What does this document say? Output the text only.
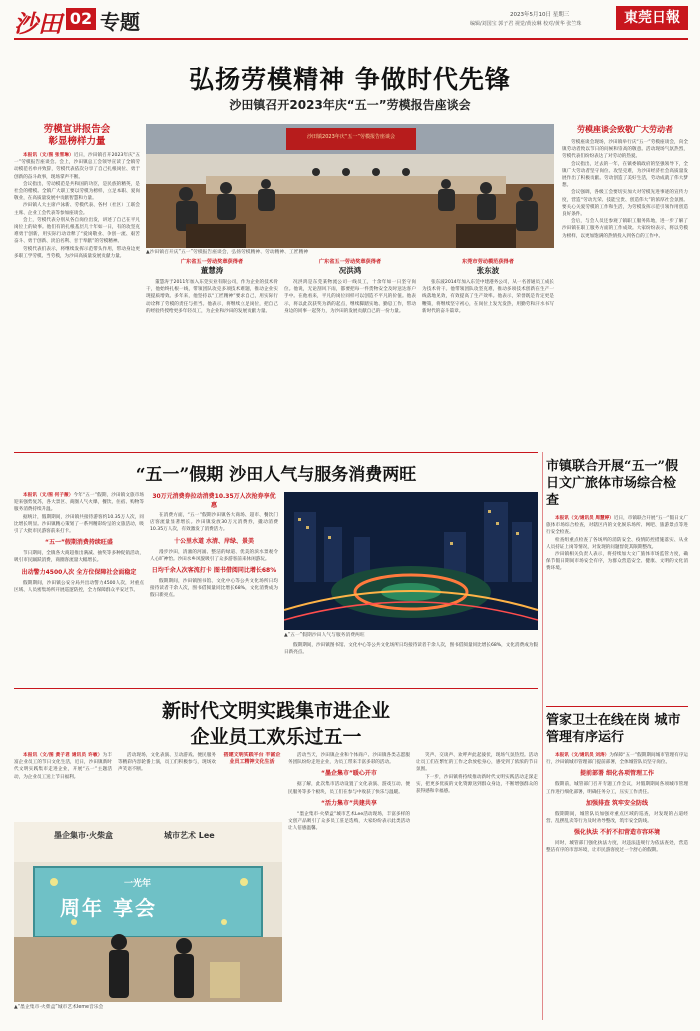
沙田 02 专题	2023年5月10日 星期三
编辑/刘国宝 郭子君 视觉/黄汝琳 校对/黄华 张竺珠	東莞日報
弘扬劳模精神 争做时代先锋
沙田镇召开2023年庆“五一”劳模报告座谈会
劳模宣讲报告会
彰显榜样力量

本报讯（文/图 张雪琳）近日，沙田镇召开2023年庆“五一”劳模报告座谈会。会上，沙田镇总工会领导宣读了全镇劳动模范名单并致辞，劳模代表依次分享了自己扎根岗位、勇于创新的奋斗故事，现场掌声不断。

会议指出，劳动模范是共和国的功臣，是民族的精英，是社会的楷模。全镇广大职工要以劳模为榜样，立足本职、爱岗敬业，在高质量发展中贡献智慧和力量。

沙田镇人大主席卢泳新、劳模代表、各村（社区）工联会主席、企业工会代表等参加座谈会。

会上，劳模代表分别从各自岗位出发，讲述了自己在平凡岗位上的故事。他们有的扎根基层几十年如一日，有的攻坚克难勇于创新，用实际行动诠释了“爱岗敬业、争创一流、艰苦奋斗、勇于创新、淡泊名利、甘于奉献”的劳模精神。

劳模代表们表示，将继续发挥示范带头作用，带动身边更多职工学劳模、当劳模，为沙田高质量发展贡献力量。

沙田镇2023年庆“五一”劳模报告座谈会
▲沙田镇召开庆“五一”劳模报告座谈会，弘扬劳模精神、劳动精神、工匠精神
广东省五一劳动奖章获得者
董慧涛
董慧涛于2011年加入东莞实业有限公司，作为企业的技术骨干，他始终扎根一线，带领团队攻克多项技术难题，推动企业实现提质增效。多年来，他坚持以“工匠精神”要求自己，用实际行动诠释了劳模的责任与担当。他表示，将继续立足岗位，把自己的经验传授给更多年轻员工，为企业和沙田的发展贡献力量。
广东省五一劳动奖章获得者
况洪鸿
况洪鸿是东莞某物流公司一线员工，十余年如一日坚守岗位。他说，无论刮风下雨，都要把每一件货物安全及时送达客户手中。在他看来，平凡的岗位同样可以创造不平凡的价值。他表示，将以此次获奖为新的起点，继续脚踏实地、勤恳工作，带动身边的同事一起努力，为沙田的发展贡献自己的一份力量。
东莞市劳动模范获得者
张东波
张东波2014年加入东莞中建港务公司，从一名普通员工成长为技术骨干。他带领团队攻坚克难，推动多项技术创新在生产一线落地见效，有效提高了生产效率。他表示，荣誉既是肯定更是鞭策，将继续坚守初心，在岗位上发光发热，用勤劳和汗水书写新时代的奋斗篇章。
劳模座谈会致敬广大劳动者

劳模座谈会现场，沙田镇举行庆“五一”劳模座谈会，向全镇劳动者致以节日的问候和崇高的敬意。活动现场气氛热烈，劳模代表们纷纷表达了对劳动的热爱。

会议指出，过去的一年，在镇委镇政府的坚强领导下，全镇广大劳动者坚守岗位、攻坚克难，为沙田经济社会高质量发展作出了积极贡献。劳动创造了美好生活，劳动成就了伟大梦想。

会议强调，各级工会要切实加大对劳模先进事迹的宣传力度，营造“劳动光荣、技能宝贵、创造伟大”的浓厚社会氛围。要关心关爱劳模的工作和生活，为劳模发挥示范引领作用创造良好条件。

会后，与会人员还参观了镇职工服务阵地，进一步了解了沙田镇在职工服务方面的工作成效。大家纷纷表示，将以劳模为榜样，以更加饱满的热情投入到各自的工作中。

“五一”假期 沙田人气与服务消费两旺

本报讯（文/图 何子薇）今年“五一”假期，沙田镇文旅市场迎来强势复苏，各大景区、商圈人气火爆，餐饮、住宿、购物等服务消费持续升温。

据统计，假期期间，沙田镇共接待游客约10.35万人次，同比增长明显。沙田镇精心策划了一系列精彩纷呈的文旅活动，吸引了大批市民游客前来打卡。

“五一”假期消费持续旺盛

节日期间，全镇各大商超推出满减、抽奖等多种促销活动，吸引市民踊跃消费，商圈客流量大幅增长。

出动警力4500人次 全方位保障社会面稳定

假期期间，沙田镇公安分局共出动警力4500人次，对重点区域、人员密集场所开展巡逻防控，全力保障群众平安过节。

30万元消费券拉动消费10.35万人次抢券享优惠

在消费方面，“五一”假期沙田镇各大商场、超市、餐饮门店客流量显著增长。沙田镇发放30万元消费券，撬动消费10.35万人次，有效激发了消费活力。

十公里水道 水清、岸绿、景美

漫步沙田，清澈的河涌、整洁的绿道、优美的滨水景观令人心旷神怡。沙田水乡风貌吸引了众多游客前来休闲游玩。

日均千余人次客流打卡 图书借阅同比增长68%

假期期间，沙田镇图书馆、文化中心等公共文化场所日均接待读者千余人次，图书借阅量同比增长68%，文化消费成为假日新亮点。

▲“五一”假期沙田人气与服务消费两旺

假期期间，沙田镇图书馆、文化中心等公共文化场所日均接待读者千余人次，图书借阅量同比增长68%，文化消费成为假日新亮点。

市镇联合开展“五一”假日文广旅体市场综合检查

本报讯（文/通讯员 周慧婷）近日，市镇联合开展“五一”假日文广旅体市场综合检查，对辖区内的文化娱乐场所、网吧、旅游景点等进行安全检查。

检查组重点检查了各场所的消防安全、疫情防控措施落实、从业人员持证上岗等情况，对发现的问题督促其限期整改。

沙田镇相关负责人表示，将持续加大文广旅体市场监管力度，确保节假日期间市场安全有序，为群众营造安全、健康、文明的文化消费环境。

新时代文明实践集市进企业
企业员工欢乐过五一

本报讯（文/图 黄子君 通讯员 许敏）为丰富企业员工的节日文化生活，近日，沙田镇新时代文明实践集市走进企业，开展“五一”主题活动，为企业员工送上节日福利。

活动现场，文化表演、互动游戏、便民服务等精彩内容轮番上演，员工们积极参与，现场欢声笑语不断。

搭建文明实践平台 丰富企业员工精神文化生活
墨企集市·火柴盒	城市艺术 Lee
一光年
周年 享会
▲“墨企集市·火柴盒”城市艺术Ieme音乐会

活动当天，沙田镇企业和个体商户、沙田镇各类志愿服务团队纷纷走进企业，为员工带来丰富多彩的活动。

“墨企集市”暖心开市

据了解，此次集市活动设置了文化表演、游戏互动、便民服务等多个板块，员工们在参与中收获了快乐与温暖。

“活力集市”共建共享

“墨企集市·火柴盒”城市艺术Lee活动现场，丰富多样的文创产品吸引了众多员工驻足选购，大家纷纷表示此类活动让人倍感温馨。

笑声、交谈声、欢呼声此起彼伏，现场气氛热烈。活动让员工们在繁忙的工作之余放松身心，感受到了浓浓的节日氛围。

下一步，沙田镇将持续推动新时代文明实践活动走深走实，把更多优质的文化资源送到群众身边，不断增强群众的获得感和幸福感。

管家卫士在线在岗 城市管理有序运行

本报讯（文/通讯员 刘涛）为保障“五一”假期期间城市管理有序运行，沙田镇城市管理部门提前部署，全体城管队员坚守岗位。

提前部署 细化各项管理工作

假期前，城管部门召开专题工作会议，对假期期间各项城市管理工作进行细化部署，明确任务分工，压实工作责任。

加强排查 筑牢安全防线

假期期间，城管队员加强对重点区域的巡查，对发现的占道经营、乱摆乱卖等行为及时劝导整改，筑牢安全防线。

强化执法 不折不扣营造市容环境

同时，城管部门强化执法力度，对违法违规行为依法查处，营造整洁有序的市容环境，让市民游客度过一个舒心的假期。
